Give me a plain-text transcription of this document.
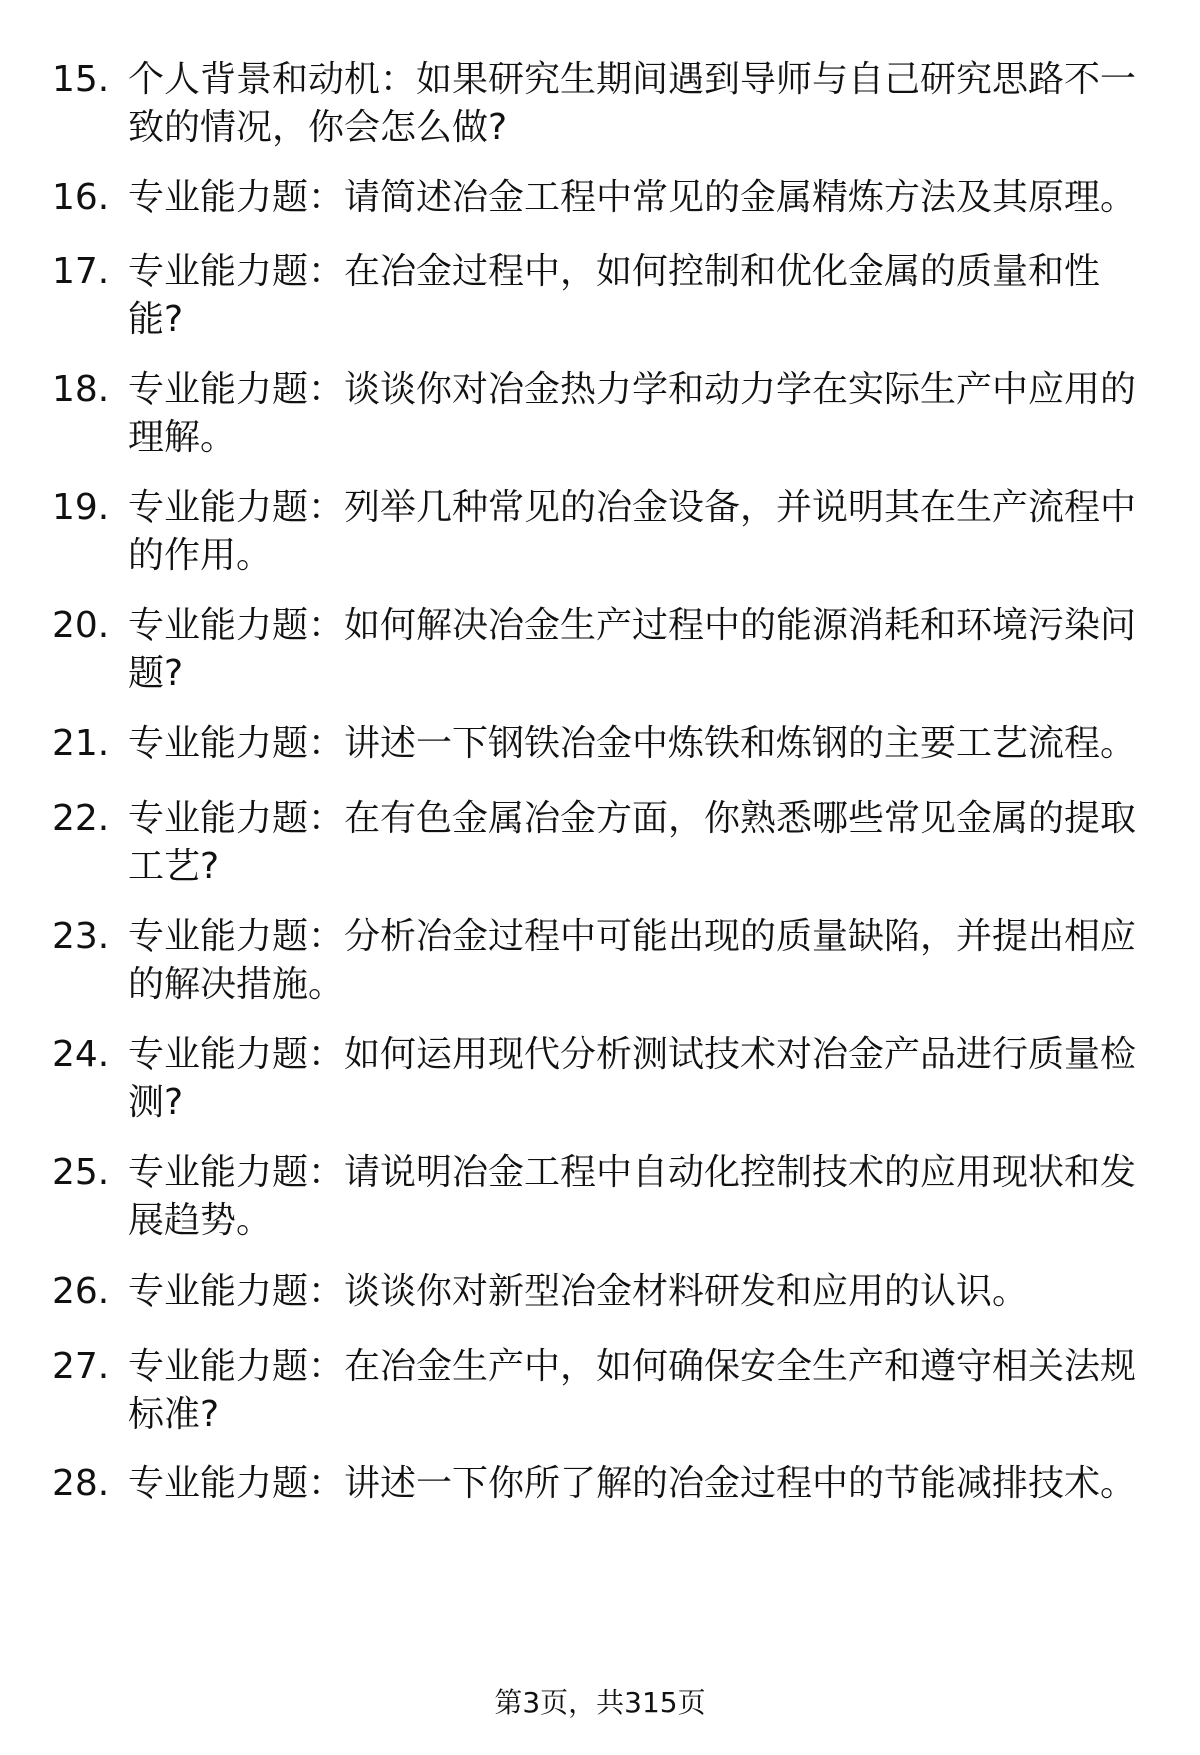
15. 个人背景和动机：如果研究生期间遇到导师与自己研究思路不一致的情况，你会怎么做?
16. 专业能力题：请简述冶金工程中常见的金属精炼方法及其原理。
17. 专业能力题：在冶金过程中，如何控制和优化金属的质量和性能?
18. 专业能力题：谈谈你对冶金热力学和动力学在实际生产中应用的理解。
19. 专业能力题：列举几种常见的冶金设备，并说明其在生产流程中的作用。
20. 专业能力题：如何解决冶金生产过程中的能源消耗和环境污染问题?
21. 专业能力题：讲述一下钢铁冶金中炼铁和炼钢的主要工艺流程。
22. 专业能力题：在有色金属冶金方面，你熟悉哪些常见金属的提取工艺?
23. 专业能力题：分析冶金过程中可能出现的质量缺陷，并提出相应的解决措施。
24. 专业能力题：如何运用现代分析测试技术对冶金产品进行质量检测?
25. 专业能力题：请说明冶金工程中自动化控制技术的应用现状和发展趋势。
26. 专业能力题：谈谈你对新型冶金材料研发和应用的认识。
27. 专业能力题：在冶金生产中，如何确保安全生产和遵守相关法规标准?
28. 专业能力题：讲述一下你所了解的冶金过程中的节能减排技术。
第3页，共315页
